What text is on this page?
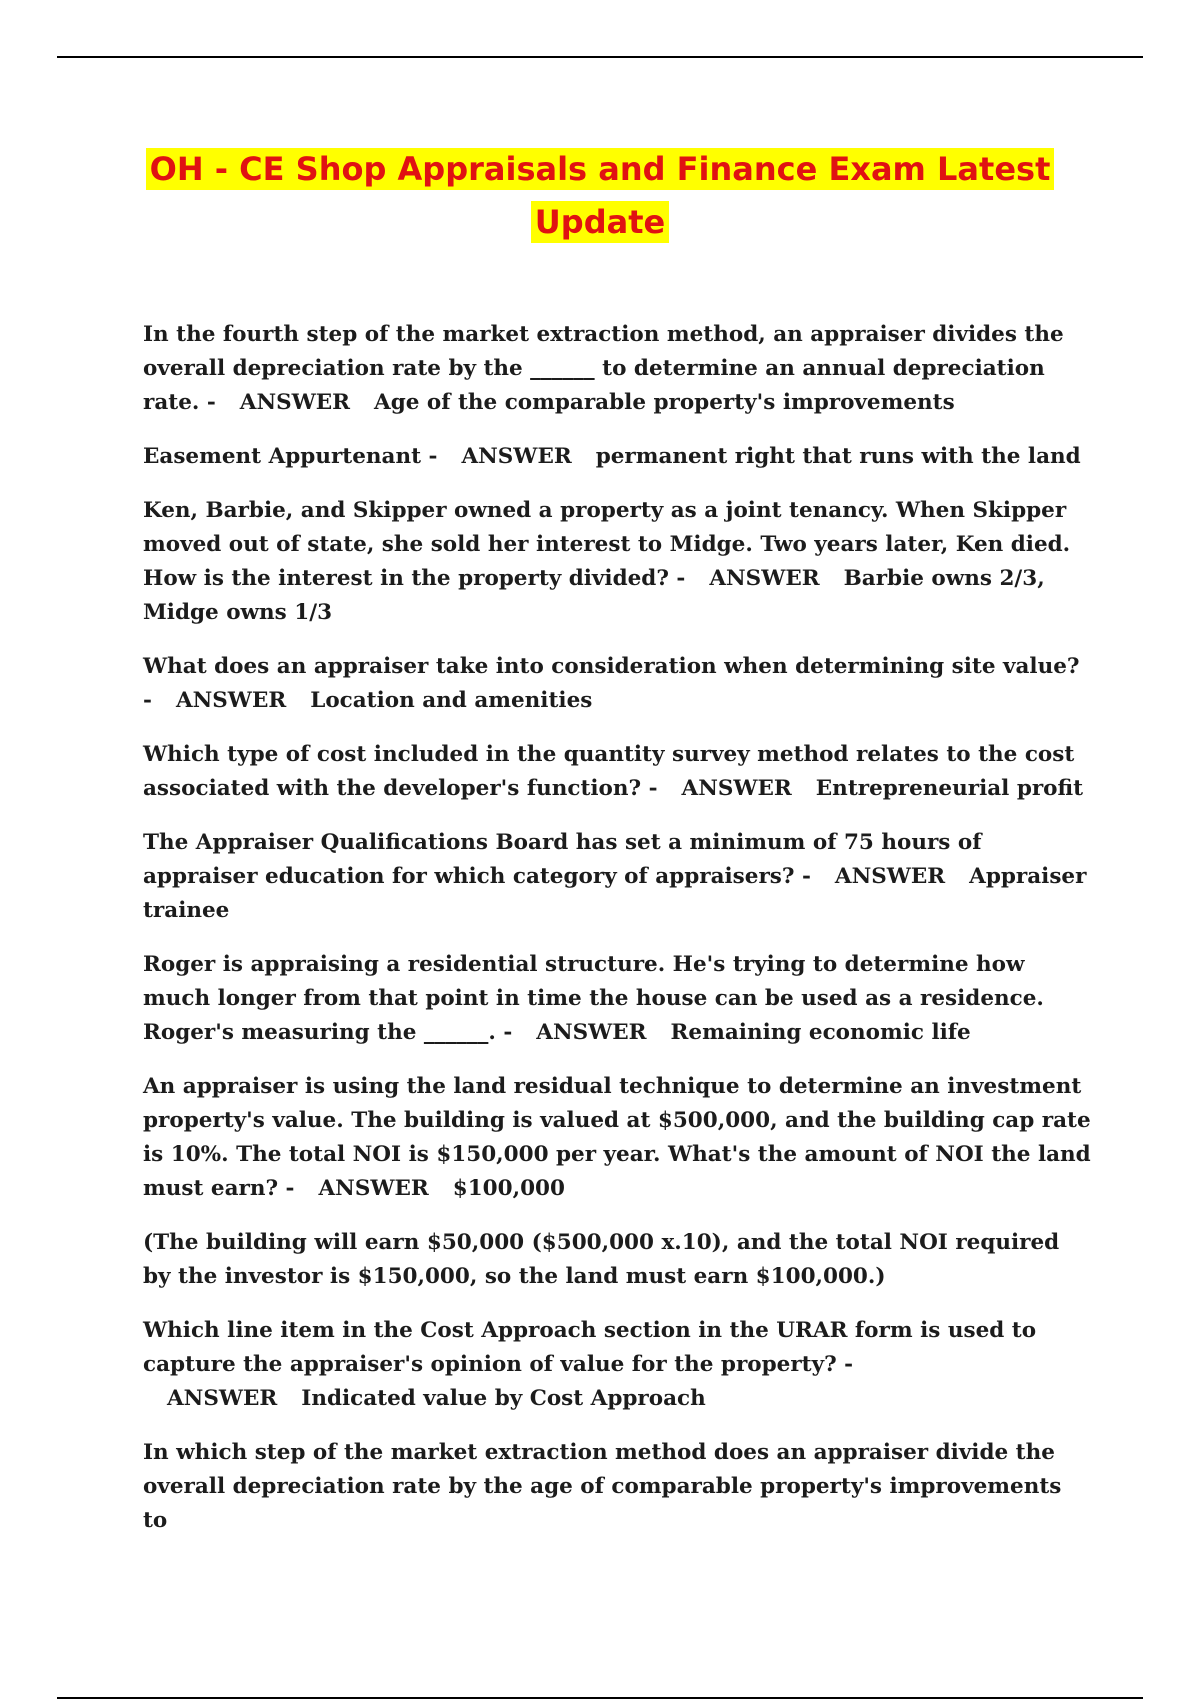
OH - CE Shop Appraisals and Finance Exam Latest Update

In the fourth step of the market extraction method, an appraiser divides the overall depreciation rate by the ______ to determine an annual depreciation rate. - ANSWER Age of the comparable property's improvements

Easement Appurtenant - ANSWER permanent right that runs with the land

Ken, Barbie, and Skipper owned a property as a joint tenancy. When Skipper moved out of state, she sold her interest to Midge. Two years later, Ken died. How is the interest in the property divided? - ANSWER Barbie owns 2/3, Midge owns 1/3

What does an appraiser take into consideration when determining site value? - ANSWER Location and amenities

Which type of cost included in the quantity survey method relates to the cost associated with the developer's function? - ANSWER Entrepreneurial profit

The Appraiser Qualifications Board has set a minimum of 75 hours of appraiser education for which category of appraisers? - ANSWER Appraiser trainee

Roger is appraising a residential structure. He's trying to determine how much longer from that point in time the house can be used as a residence. Roger's measuring the ______. - ANSWER Remaining economic life

An appraiser is using the land residual technique to determine an investment property's value. The building is valued at $500,000, and the building cap rate is 10%. The total NOI is $150,000 per year. What's the amount of NOI the land must earn? - ANSWER $100,000

(The building will earn $50,000 ($500,000 x.10), and the total NOI required by the investor is $150,000, so the land must earn $100,000.)

Which line item in the Cost Approach section in the URAR form is used to capture the appraiser's opinion of value for the property? -ANSWER Indicated value by Cost Approach

In which step of the market extraction method does an appraiser divide the overall depreciation rate by the age of comparable property's improvements to
